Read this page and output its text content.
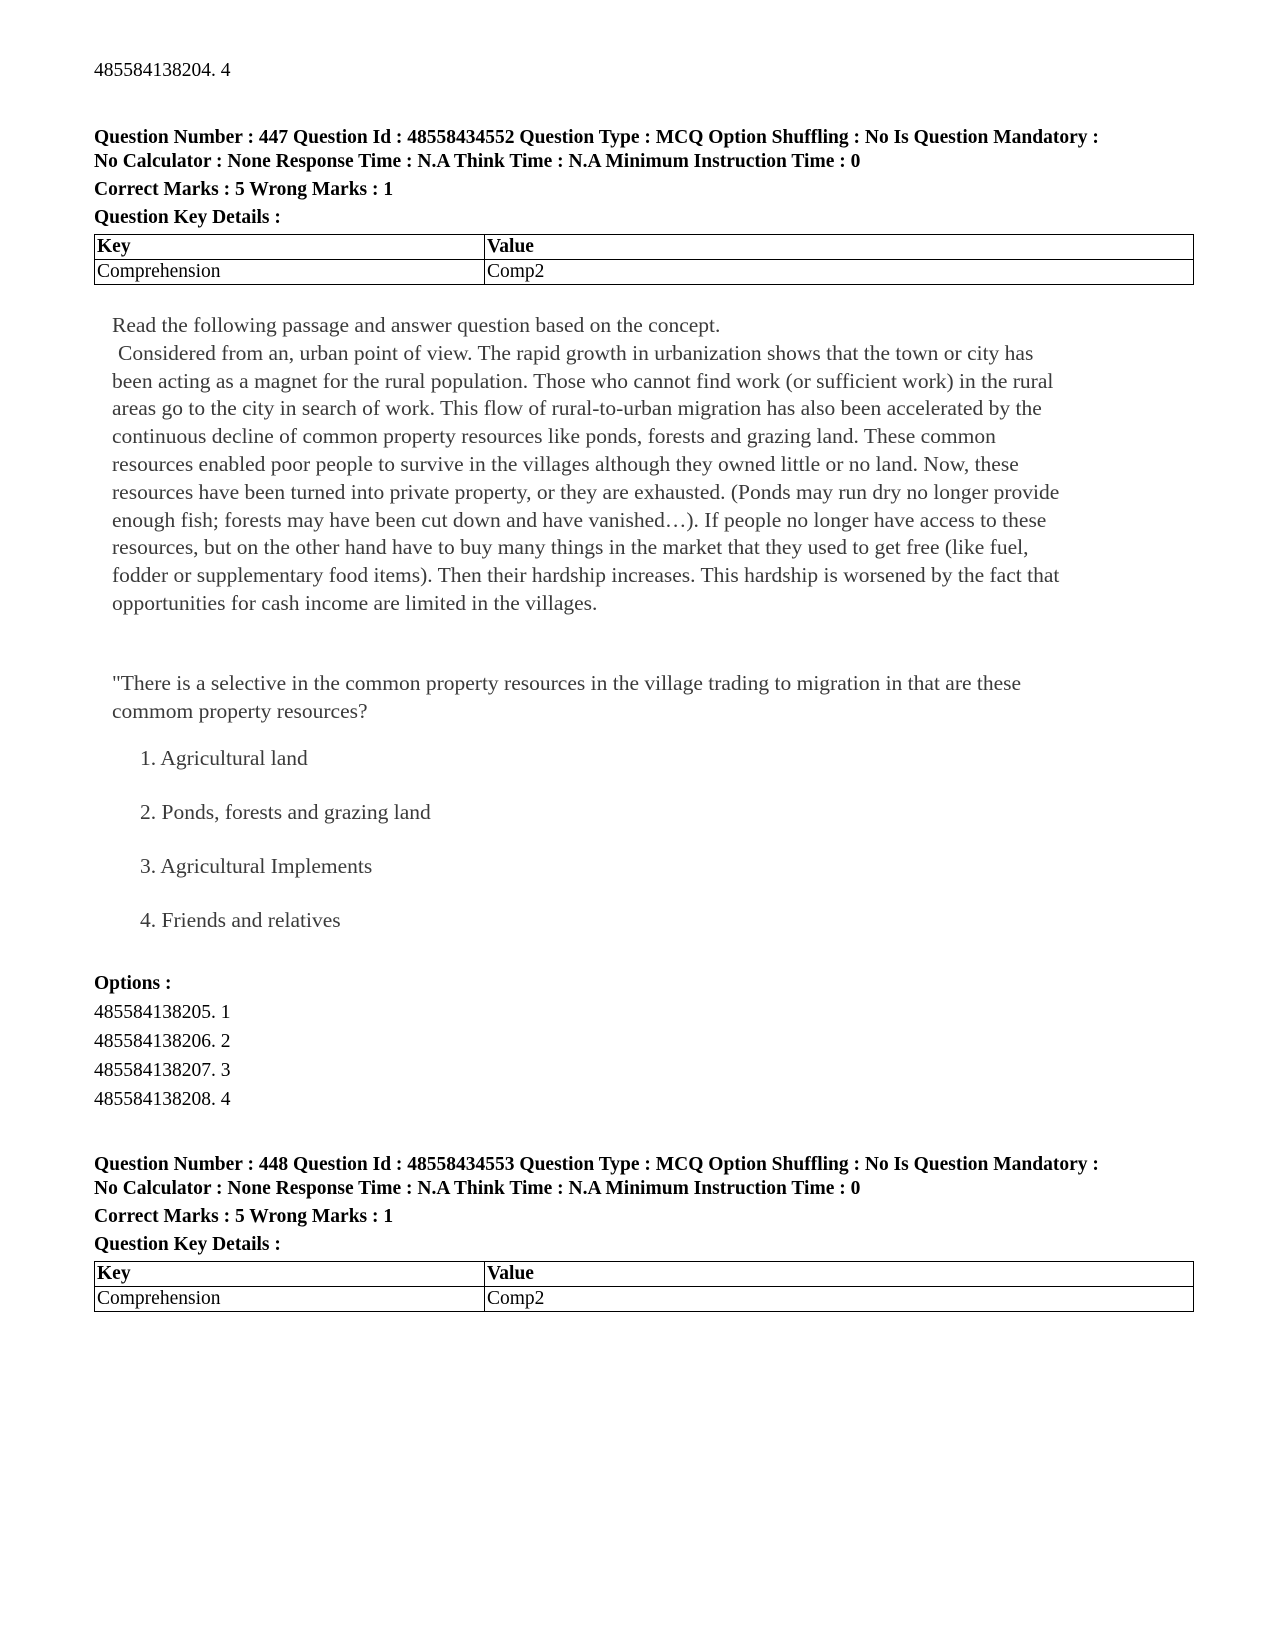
485584138204. 4
Question Number : 447 Question Id : 48558434552 Question Type : MCQ Option Shuffling : No Is Question Mandatory :
No Calculator : None Response Time : N.A Think Time : N.A Minimum Instruction Time : 0
Correct Marks : 5 Wrong Marks : 1
Question Key Details :
Key	Value
Comprehension	Comp2

Read the following passage and answer question based on the concept.

Considered from an, urban point of view. The rapid growth in urbanization shows that the town or city has

been acting as a magnet for the rural population. Those who cannot find work (or sufficient work) in the rural

areas go to the city in search of work. This flow of rural-to-urban migration has also been accelerated by the

continuous decline of common property resources like ponds, forests and grazing land. These common

resources enabled poor people to survive in the villages although they owned little or no land. Now, these

resources have been turned into private property, or they are exhausted. (Ponds may run dry no longer provide

enough fish; forests may have been cut down and have vanished…). If people no longer have access to these

resources, but on the other hand have to buy many things in the market that they used to get free (like fuel,

fodder or supplementary food items). Then their hardship increases. This hardship is worsened by the fact that

opportunities for cash income are limited in the villages.

"There is a selective in the common property resources in the village trading to migration in that are these

commom property resources?

1. Agricultural land

2. Ponds, forests and grazing land

3. Agricultural Implements

4. Friends and relatives

Options :
485584138205. 1
485584138206. 2
485584138207. 3
485584138208. 4
Question Number : 448 Question Id : 48558434553 Question Type : MCQ Option Shuffling : No Is Question Mandatory :
No Calculator : None Response Time : N.A Think Time : N.A Minimum Instruction Time : 0
Correct Marks : 5 Wrong Marks : 1
Question Key Details :
Key	Value
Comprehension	Comp2
